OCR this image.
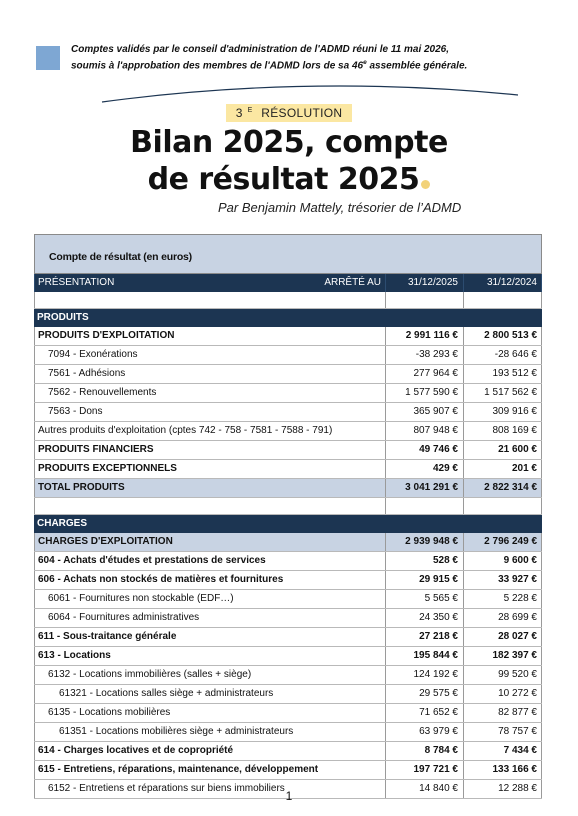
Comptes validés par le conseil d'administration de l'ADMD réuni le 11 mai 2026,
soumis à l'approbation des membres de l'ADMD lors de sa 46e assemblée générale.
3 $^E$ RÉSOLUTION
Bilan 2025, compte
de résultat 2025
Par Benjamin Mattely, trésorier de l’ADMD
Compte de résultat (en euros)
PRÉSENTATION	ARRÊTÉ AU	31/12/2025	31/12/2024
PRODUITS
PRODUITS D'EXPLOITATION	2 991 116 €	2 800 513 €
7094 - Exonérations	-38 293 €	-28 646 €
7561 - Adhésions	277 964 €	193 512 €
7562 - Renouvellements	1 577 590 €	1 517 562 €
7563 - Dons	365 907 €	309 916 €
Autres produits d'exploitation (cptes 742 - 758 - 7581 - 7588 - 791)	807 948 €	808 169 €
PRODUITS FINANCIERS	49 746 €	21 600 €
PRODUITS EXCEPTIONNELS	429 €	201 €
TOTAL PRODUITS	3 041 291 €	2 822 314 €
CHARGES
CHARGES D'EXPLOITATION	2 939 948 €	2 796 249 €
604 - Achats d'études et prestations de services	528 €	9 600 €
606 - Achats non stockés de matières et fournitures	29 915 €	33 927 €
6061 - Fournitures non stockable (EDF…)	5 565 €	5 228 €
6064 - Fournitures administratives	24 350 €	28 699 €
611 - Sous-traitance générale	27 218 €	28 027 €
613 - Locations	195 844 €	182 397 €
6132 - Locations immobilières (salles + siège)	124 192 €	99 520 €
61321 - Locations salles siège + administrateurs	29 575 €	10 272 €
6135 - Locations mobilières	71 652 €	82 877 €
61351 - Locations mobilières siège + administrateurs	63 979 €	78 757 €
614 - Charges locatives et de copropriété	8 784 €	7 434 €
615 - Entretiens, réparations, maintenance, développement	197 721 €	133 166 €
6152 - Entretiens et réparations sur biens immobiliers	14 840 €	12 288 €
1
